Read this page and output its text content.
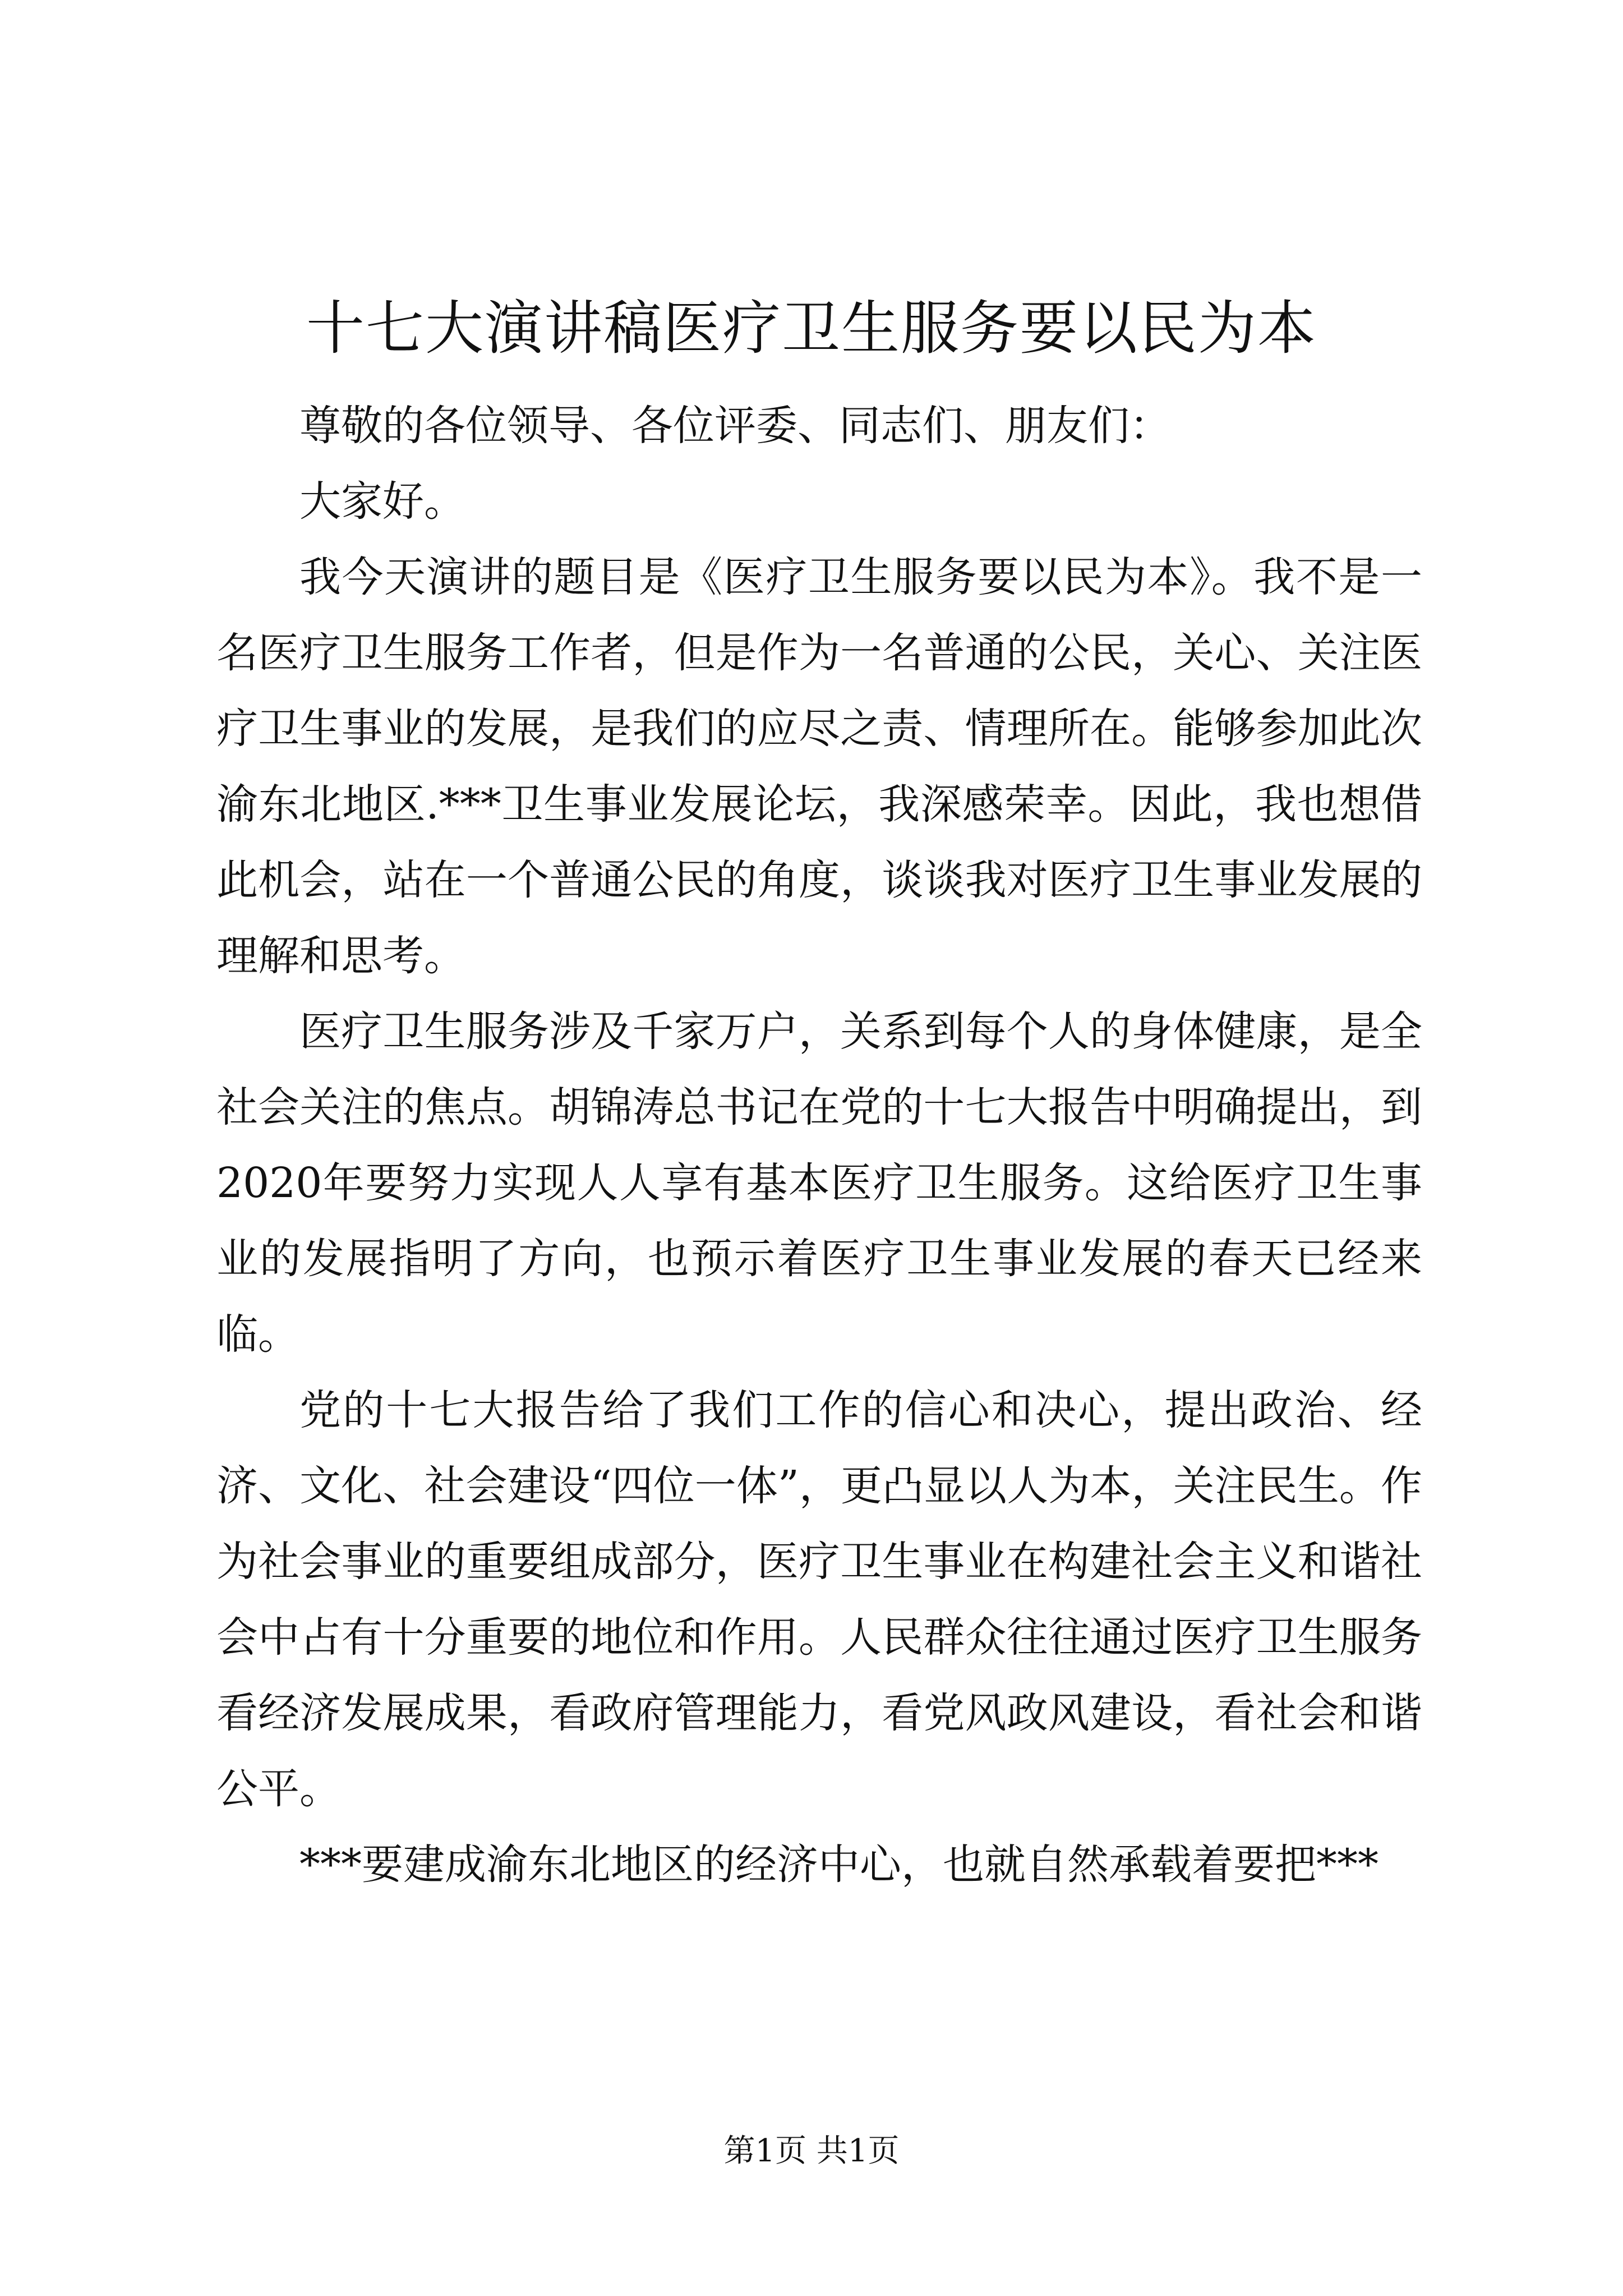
十七大演讲稿医疗卫生服务要以民为本

尊敬的各位领导、各位评委、同志们、朋友们：

大家好。

我今天演讲的题目是《医疗卫生服务要以民为本》。我不是一名医疗卫生服务工作者，但是作为一名普通的公民，关心、关注医疗卫生事业的发展，是我们的应尽之责、情理所在。能够参加此次渝东北地区.***卫生事业发展论坛，我深感荣幸。因此，我也想借此机会，站在一个普通公民的角度，谈谈我对医疗卫生事业发展的理解和思考。

医疗卫生服务涉及千家万户，关系到每个人的身体健康，是全社会关注的焦点。胡锦涛总书记在党的十七大报告中明确提出，到2020年要努力实现人人享有基本医疗卫生服务。这给医疗卫生事业的发展指明了方向，也预示着医疗卫生事业发展的春天已经来临。

党的十七大报告给了我们工作的信心和决心，提出政治、经济、文化、社会建设“四位一体”，更凸显以人为本，关注民生。作为社会事业的重要组成部分，医疗卫生事业在构建社会主义和谐社会中占有十分重要的地位和作用。人民群众往往通过医疗卫生服务看经济发展成果，看政府管理能力，看党风政风建设，看社会和谐公平。

***要建成渝东北地区的经济中心，也就自然承载着要把***

第1页 共1页
